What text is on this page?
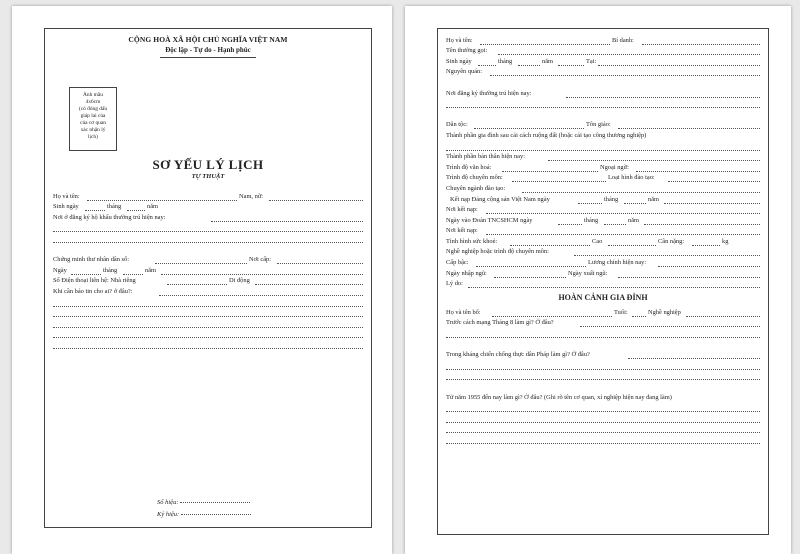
CỘNG HOÀ XÃ HỘI CHỦ NGHĨA VIỆT NAM
Độc lập - Tự do - Hạnh phúc
Ảnh mầu
4x6cm
(có đóng dấu
giáp lai của
của cơ quan
xác nhận lý
lịch)
SƠ YẾU LÝ LỊCH
TỰ THUẬT
Họ và tên:	Nam, nữ:
Sinh ngày	tháng	năm
Nơi ở đăng ký hộ khẩu thường trú hiện nay:
Chứng minh thư nhân dân số:	Nơi cấp:
Ngày	tháng	năm
Số Điện thoại liên hệ: Nhà riêng	Di động
Khi cần báo tin cho ai? ở đâu?:
Số hiệu:
Ký hiệu:
Họ và tên:	Bí danh:
Tên thường gọi:
Sinh ngày	tháng	năm	Tại:
Nguyên quán:
Nơi đăng ký thường trú hiện nay:
Dân tộc:	Tôn giáo:
Thành phần gia đình sau cải cách ruộng đất (hoặc cải tạo công thương nghiệp)
Thành phần bản thân hiện nay:
Trình độ văn hoá:	Ngoại ngữ:
Trình độ chuyên môn:	Loại hình đào tạo:
Chuyên ngành đào tạo:
Kết nạp Đảng cộng sản Việt Nam ngày	tháng	năm
Nơi kết nạp:
Ngày vào Đoàn TNCSHCM ngày	tháng	năm
Nơi kết nạp:
Tình hình sức khoẻ:	Cao	Cân nặng:	kg
Nghề nghiệp hoặc trình độ chuyên môn:
Cấp bậc:	Lương chính hiện nay:
Ngày nhập ngũ:	Ngày xuất ngũ:
Lý do:
HOÀN CẢNH GIA ĐÌNH
Họ và tên bố:	Tuổi:	Nghề nghiệp
Trước cách mạng Tháng 8 làm gì? Ở đâu?
Trong kháng chiến chống thực dân Pháp làm gì? Ở đâu?
Từ năm 1955 đến nay làm gì? Ở đâu? (Ghi rõ tên cơ quan, xí nghiệp hiện nay đang làm)
